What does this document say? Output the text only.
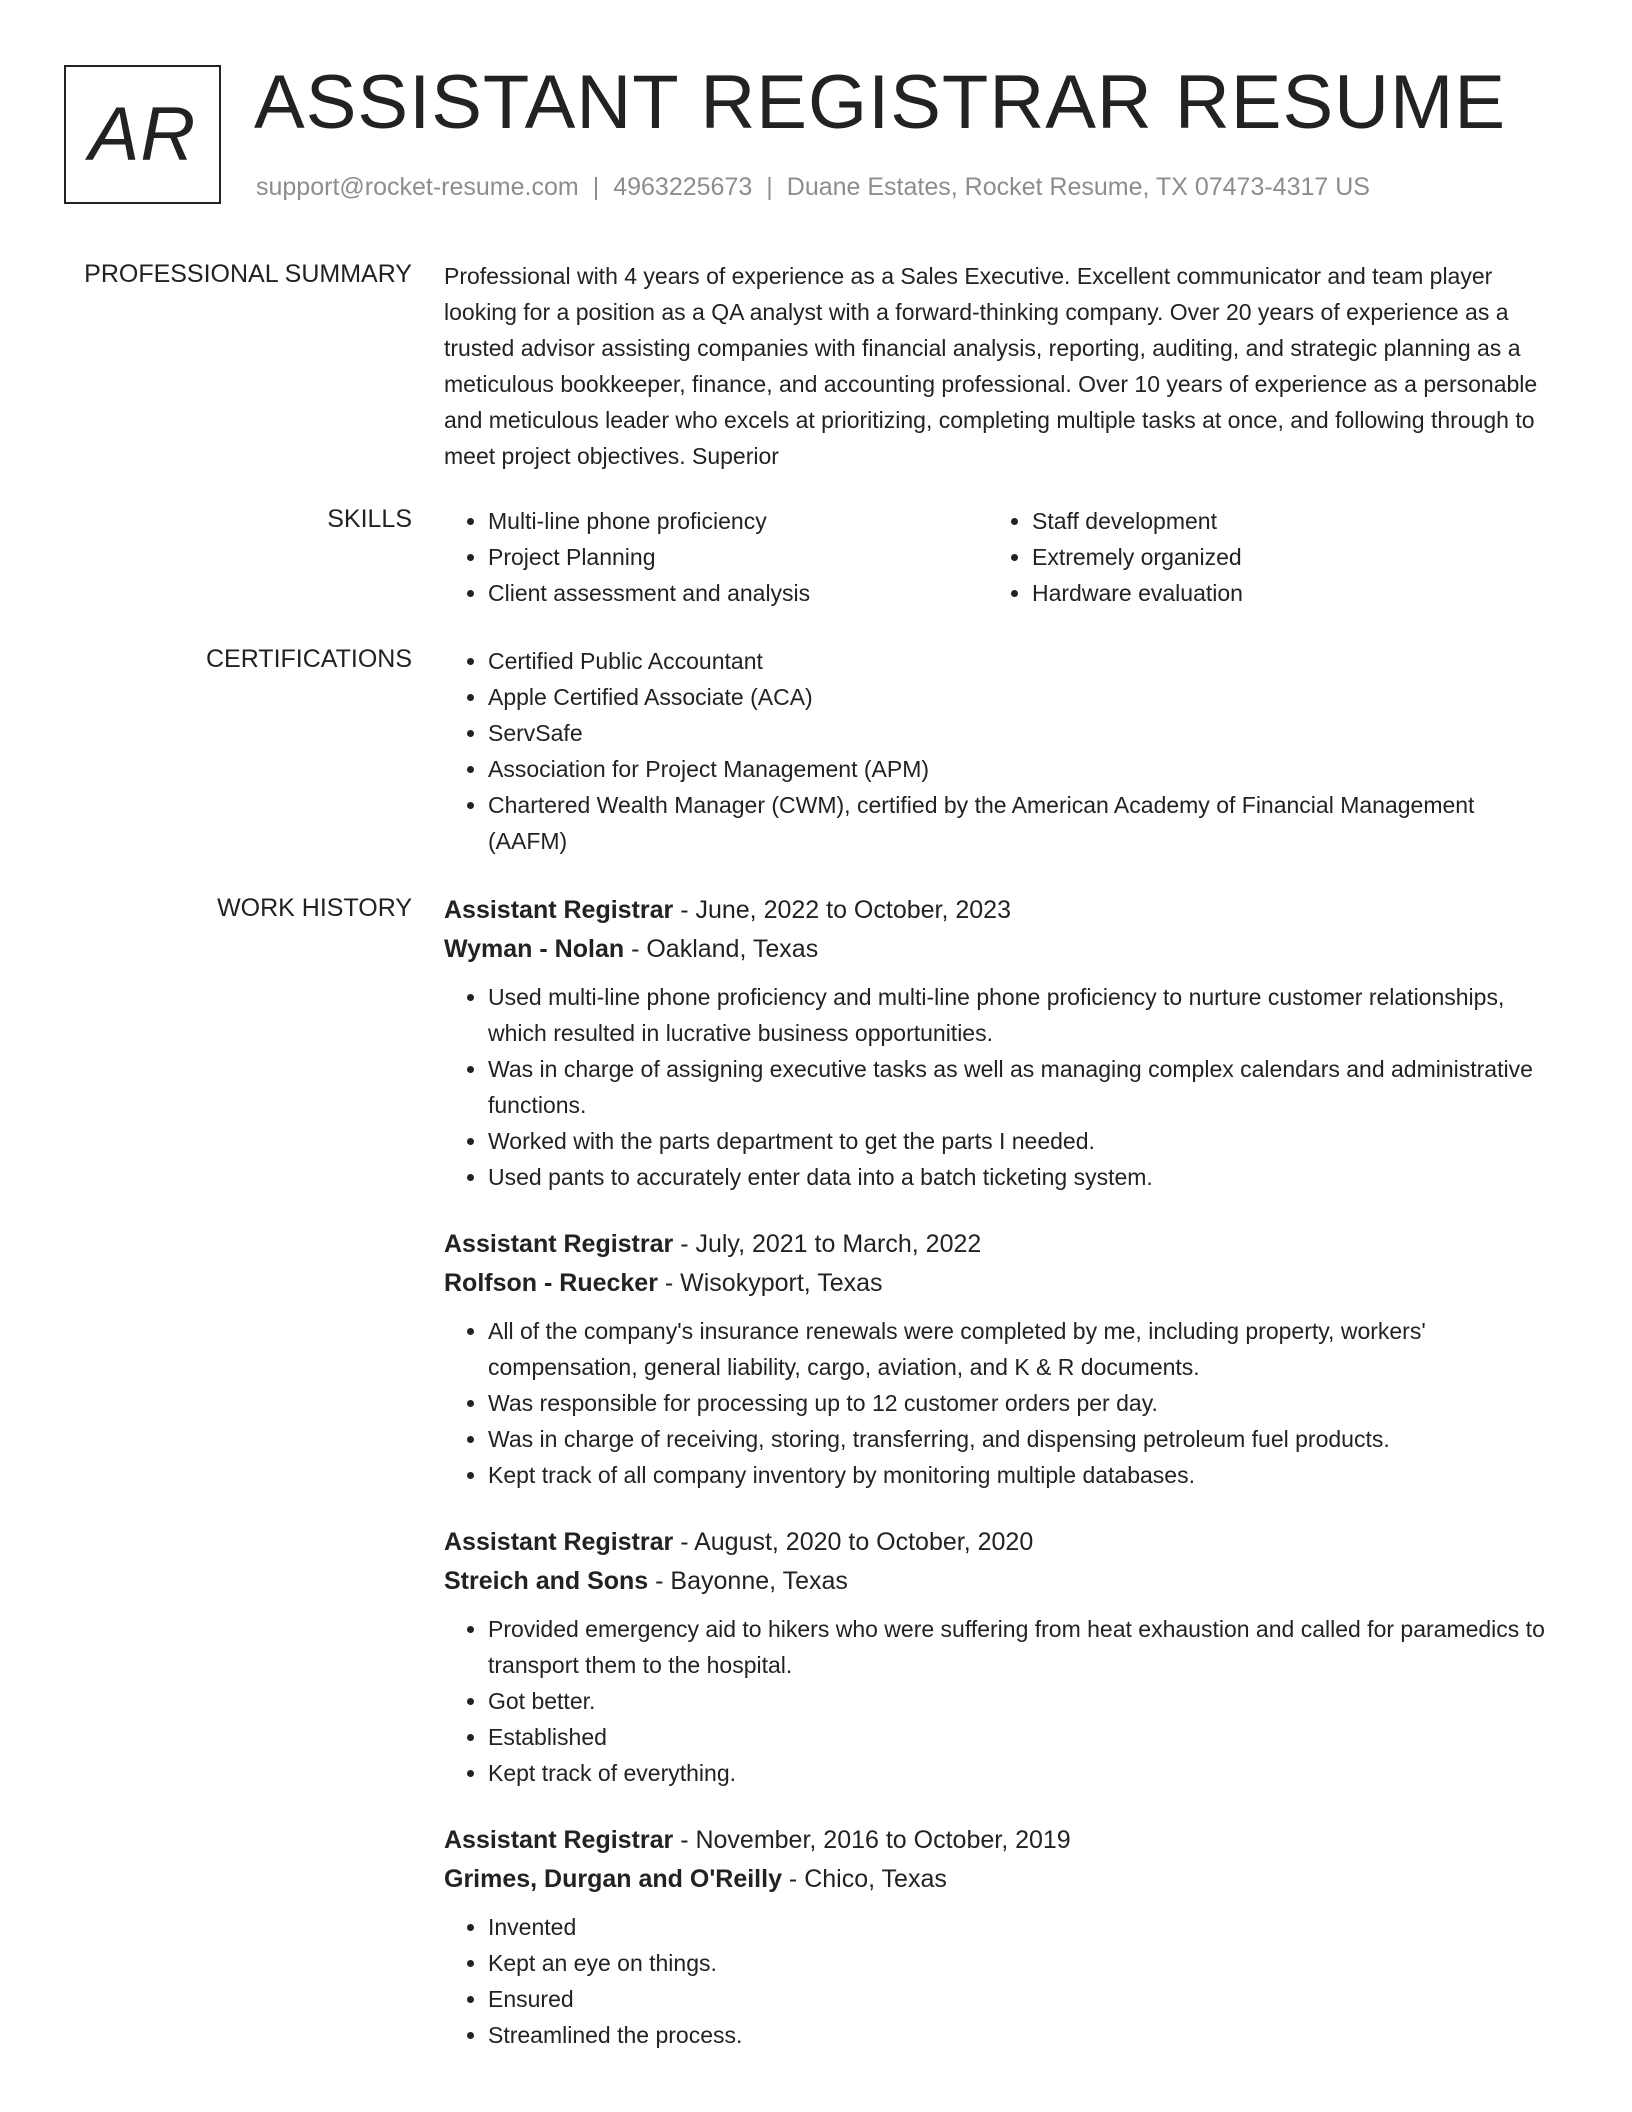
AR ASSISTANT REGISTRAR RESUME
support@rocket-resume.com | 4963225673 | Duane Estates, Rocket Resume, TX 07473-4317 US
PROFESSIONAL SUMMARY Professional with 4 years of experience as a Sales Executive. Excellent communicator and team player looking for a position as a QA analyst with a forward-thinking company. Over 20 years of experience as a trusted advisor assisting companies with financial analysis, reporting, auditing, and strategic planning as a meticulous bookkeeper, finance, and accounting professional. Over 10 years of experience as a personable and meticulous leader who excels at prioritizing, completing multiple tasks at once, and following through to meet project objectives. Superior

SKILLS	• Multi-line phone proficiency
• Project Planning
• Client assessment and analysis
• Staff development
• Extremely organized
• Hardware evaluation
CERTIFICATIONS	• Certified Public Accountant
• Apple Certified Associate (ACA)
• ServSafe
• Association for Project Management (APM)
• Chartered Wealth Manager (CWM), certified by the American Academy of Financial Management (AAFM)
WORK HISTORY Assistant Registrar - June, 2022 to October, 2023
Wyman - Nolan - Oakland, Texas
• Used multi-line phone proficiency and multi-line phone proficiency to nurture customer relationships, which resulted in lucrative business opportunities.
• Was in charge of assigning executive tasks as well as managing complex calendars and administrative functions.
• Worked with the parts department to get the parts I needed.
• Used pants to accurately enter data into a batch ticketing system.
Assistant Registrar - July, 2021 to March, 2022
Rolfson - Ruecker - Wisokyport, Texas
• All of the company's insurance renewals were completed by me, including property, workers' compensation, general liability, cargo, aviation, and K & R documents.
• Was responsible for processing up to 12 customer orders per day.
• Was in charge of receiving, storing, transferring, and dispensing petroleum fuel products.
• Kept track of all company inventory by monitoring multiple databases.
Assistant Registrar - August, 2020 to October, 2020
Streich and Sons - Bayonne, Texas
• Provided emergency aid to hikers who were suffering from heat exhaustion and called for paramedics to transport them to the hospital.
• Got better.
• Established
• Kept track of everything.
Assistant Registrar - November, 2016 to October, 2019
Grimes, Durgan and O'Reilly - Chico, Texas
• Invented
• Kept an eye on things.
• Ensured
• Streamlined the process.
